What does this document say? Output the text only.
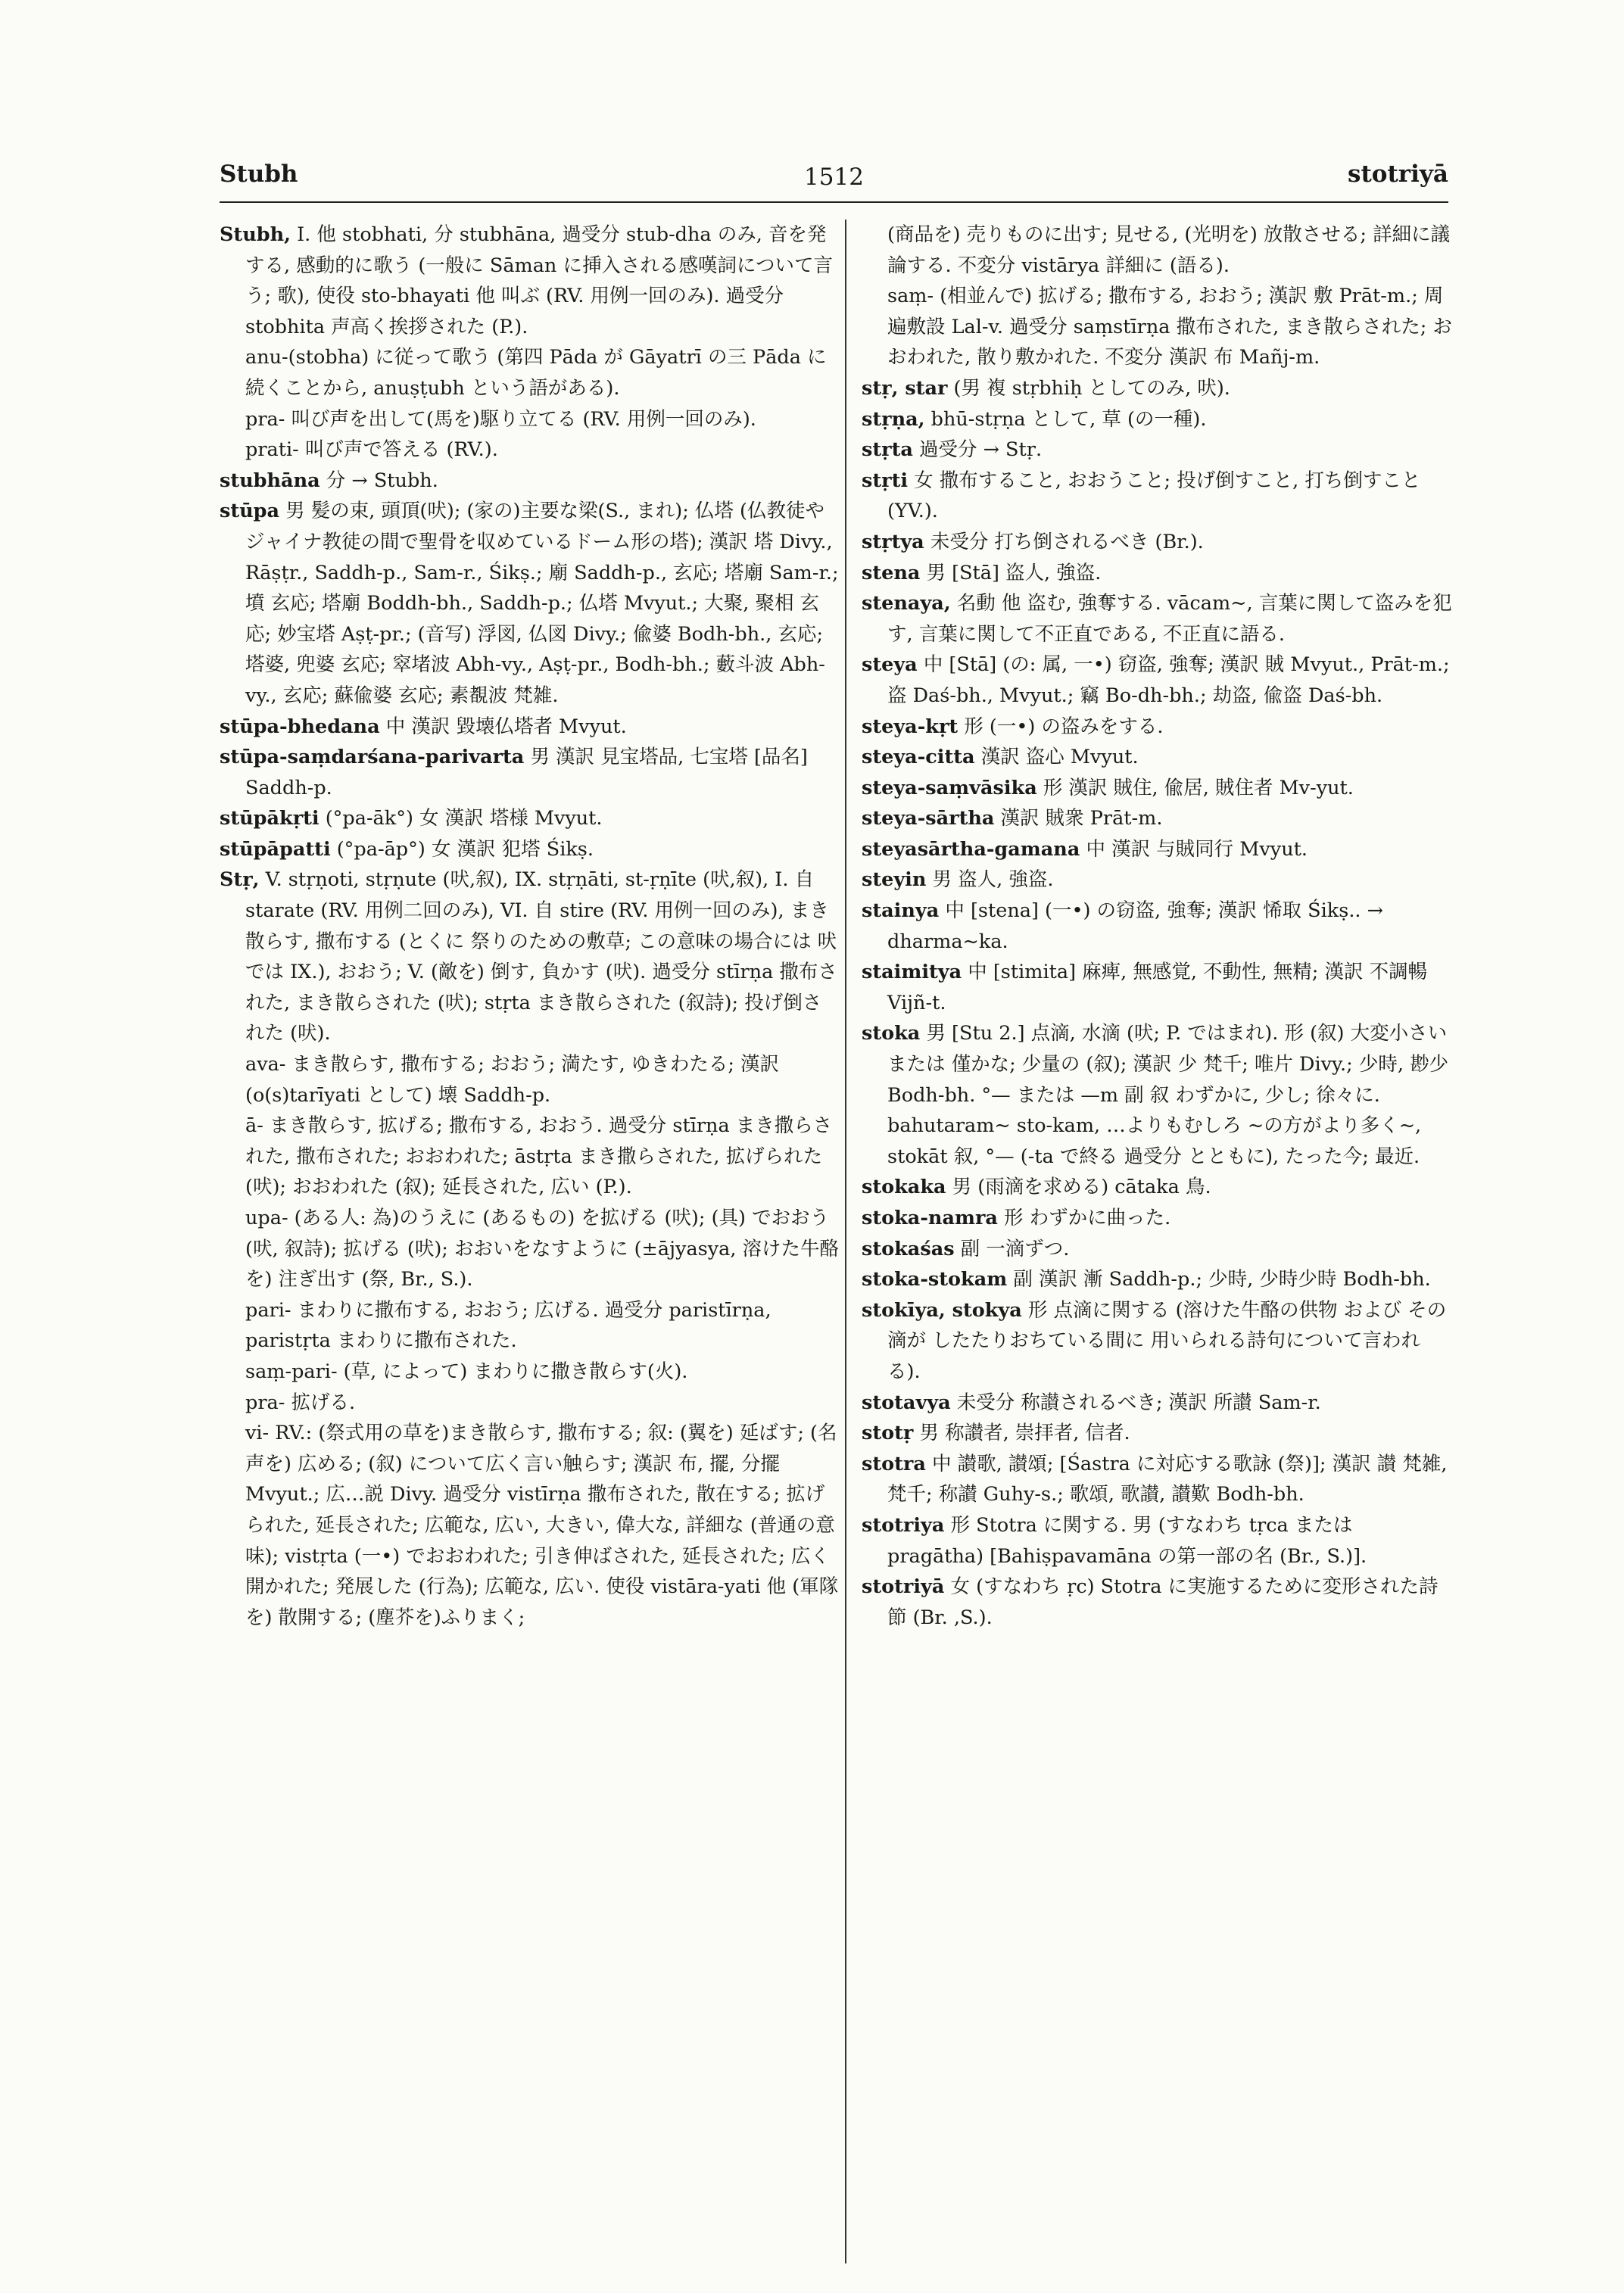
Stubh	1512	stotriyā

Stubh, I. 他 stobhati, 分 stubhāna, 過受分 stub-dha のみ, 音を発する, 感動的に歌う (一般に Sāman に挿入される感嘆詞について言う; 歌), 使役 sto-bhayati 他 叫ぶ (RV. 用例一回のみ). 過受分 stobhita 声高く挨拶された (P.).

anu-(stobha) に従って歌う (第四 Pāda が Gāyatrī の三 Pāda に続くことから, anuṣṭubh という語がある).

pra- 叫び声を出して(馬を)駆り立てる (RV. 用例一回のみ).

prati- 叫び声で答える (RV.).

stubhāna 分 → Stubh.

stūpa 男 髪の束, 頭頂(吠); (家の)主要な梁(S., まれ); 仏塔 (仏教徒やジャイナ教徒の間で聖骨を収めているドーム形の塔); 漢訳 塔 Divy., Rāṣṭr., Saddh-p., Sam-r., Śikṣ.; 廟 Saddh-p., 玄応; 塔廟 Sam-r.; 墳 玄応; 塔廟 Boddh-bh., Saddh-p.; 仏塔 Mvyut.; 大聚, 聚相 玄応; 妙宝塔 Aṣṭ-pr.; (音写) 浮図, 仏図 Divy.; 偸婆 Bodh-bh., 玄応; 塔婆, 兜婆 玄応; 窣堵波 Abh-vy., Aṣṭ-pr., Bodh-bh.; 藪斗波 Abh-vy., 玄応; 蘇偸婆 玄応; 素覩波 梵雑.

stūpa-bhedana 中 漢訳 毀壊仏塔者 Mvyut.

stūpa-saṃdarśana-parivarta 男 漢訳 見宝塔品, 七宝塔 [品名] Saddh-p.

stūpākṛti (°pa-āk°) 女 漢訳 塔様 Mvyut.

stūpāpatti (°pa-āp°) 女 漢訳 犯塔 Śikṣ.

Stṛ, V. stṛṇoti, stṛṇute (吠,叙), IX. stṛṇāti, st-ṛṇīte (吠,叙), I. 自 starate (RV. 用例二回のみ), VI. 自 stire (RV. 用例一回のみ), まき散らす, 撒布する (とくに 祭りのための敷草; この意味の場合には 吠 では IX.), おおう; V. (敵を) 倒す, 負かす (吠). 過受分 stīrṇa 撒布された, まき散らされた (吠); stṛta まき散らされた (叙詩); 投げ倒された (吠).

ava- まき散らす, 撒布する; おおう; 満たす, ゆきわたる; 漢訳 (o(s)tarīyati として) 壊 Saddh-p.

ā- まき散らす, 拡げる; 撒布する, おおう. 過受分 stīrṇa まき撒らされた, 撒布された; おおわれた; āstṛta まき撒らされた, 拡げられた (吠); おおわれた (叙); 延長された, 広い (P.).

upa- (ある人: 為)のうえに (あるもの) を拡げる (吠); (具) でおおう (吠, 叙詩); 拡げる (吠); おおいをなすように (±ājyasya, 溶けた牛酪を) 注ぎ出す (祭, Br., S.).

pari- まわりに撒布する, おおう; 広げる. 過受分 paristīrṇa, paristṛta まわりに撒布された.

saṃ-pari- (草, によって) まわりに撒き散らす(火).

pra- 拡げる.

vi- RV.: (祭式用の草を)まき散らす, 撒布する; 叙: (翼を) 延ばす; (名声を) 広める; (叙) について広く言い触らす; 漢訳 布, 擺, 分擺 Mvyut.; 広…説 Divy. 過受分 vistīrṇa 撒布された, 散在する; 拡げられた, 延長された; 広範な, 広い, 大きい, 偉大な, 詳細な (普通の意味); vistṛta (一•) でおおわれた; 引き伸ばされた, 延長された; 広く開かれた; 発展した (行為); 広範な, 広い. 使役 vistāra-yati 他 (軍隊を) 散開する; (塵芥を)ふりまく;

(商品を) 売りものに出す; 見せる, (光明を) 放散させる; 詳細に議論する. 不変分 vistārya 詳細に (語る).

saṃ- (相並んで) 拡げる; 撒布する, おおう; 漢訳 敷 Prāt-m.; 周遍敷設 Lal-v. 過受分 saṃstīrṇa 撒布された, まき散らされた; おおわれた, 散り敷かれた. 不変分 漢訳 布 Mañj-m.

stṛ, star (男 複 stṛbhiḥ としてのみ, 吠).

stṛṇa, bhū-stṛṇa として, 草 (の一種).

stṛta 過受分 → Stṛ.

stṛti 女 撒布すること, おおうこと; 投げ倒すこと, 打ち倒すこと (YV.).

stṛtya 未受分 打ち倒されるべき (Br.).

stena 男 [Stā] 盗人, 強盗.

stenaya, 名動 他 盗む, 強奪する. vācam~, 言葉に関して盗みを犯す, 言葉に関して不正直である, 不正直に語る.

steya 中 [Stā] (の: 属, 一•) 窃盗, 強奪; 漢訳 賊 Mvyut., Prāt-m.; 盗 Daś-bh., Mvyut.; 竊 Bo-dh-bh.; 劫盗, 偸盗 Daś-bh.

steya-kṛt 形 (一•) の盗みをする.

steya-citta 漢訳 盗心 Mvyut.

steya-saṃvāsika 形 漢訳 賊住, 偸居, 賊住者 Mv-yut.

steya-sārtha 漢訳 賊衆 Prāt-m.

steyasārtha-gamana 中 漢訳 与賊同行 Mvyut.

steyin 男 盗人, 強盗.

stainya 中 [stena] (一•) の窃盗, 強奪; 漢訳 悕取 Śikṣ.. → dharma~ka.

staimitya 中 [stimita] 麻痺, 無感覚, 不動性, 無精; 漢訳 不調暢 Vijñ-t.

stoka 男 [Stu 2.] 点滴, 水滴 (吠; P. ではまれ). 形 (叙) 大変小さい または 僅かな; 少量の (叙); 漢訳 少 梵千; 唯片 Divy.; 少時, 尠少 Bodh-bh. °— または —m 副 叙 わずかに, 少し; 徐々に. bahutaram~ sto-kam, …よりもむしろ ~の方がより多く~, stokāt 叙, °— (-ta で終る 過受分 とともに), たった今; 最近.

stokaka 男 (雨滴を求める) cātaka 鳥.

stoka-namra 形 わずかに曲った.

stokaśas 副 一滴ずつ.

stoka-stokam 副 漢訳 漸 Saddh-p.; 少時, 少時少時 Bodh-bh.

stokīya, stokya 形 点滴に関する (溶けた牛酪の供物 および その滴が したたりおちている間に 用いられる詩句について言われる).

stotavya 未受分 称讃されるべき; 漢訳 所讃 Sam-r.

stotṛ 男 称讃者, 崇拝者, 信者.

stotra 中 讃歌, 讃頌; [Śastra に対応する歌詠 (祭)]; 漢訳 讃 梵雑, 梵千; 称讃 Guhy-s.; 歌頌, 歌讃, 讃歎 Bodh-bh.

stotriya 形 Stotra に関する. 男 (すなわち tṛca または pragātha) [Bahiṣpavamāna の第一部の名 (Br., S.)].

stotriyā 女 (すなわち ṛc) Stotra に実施するために変形された詩節 (Br. ,S.).
